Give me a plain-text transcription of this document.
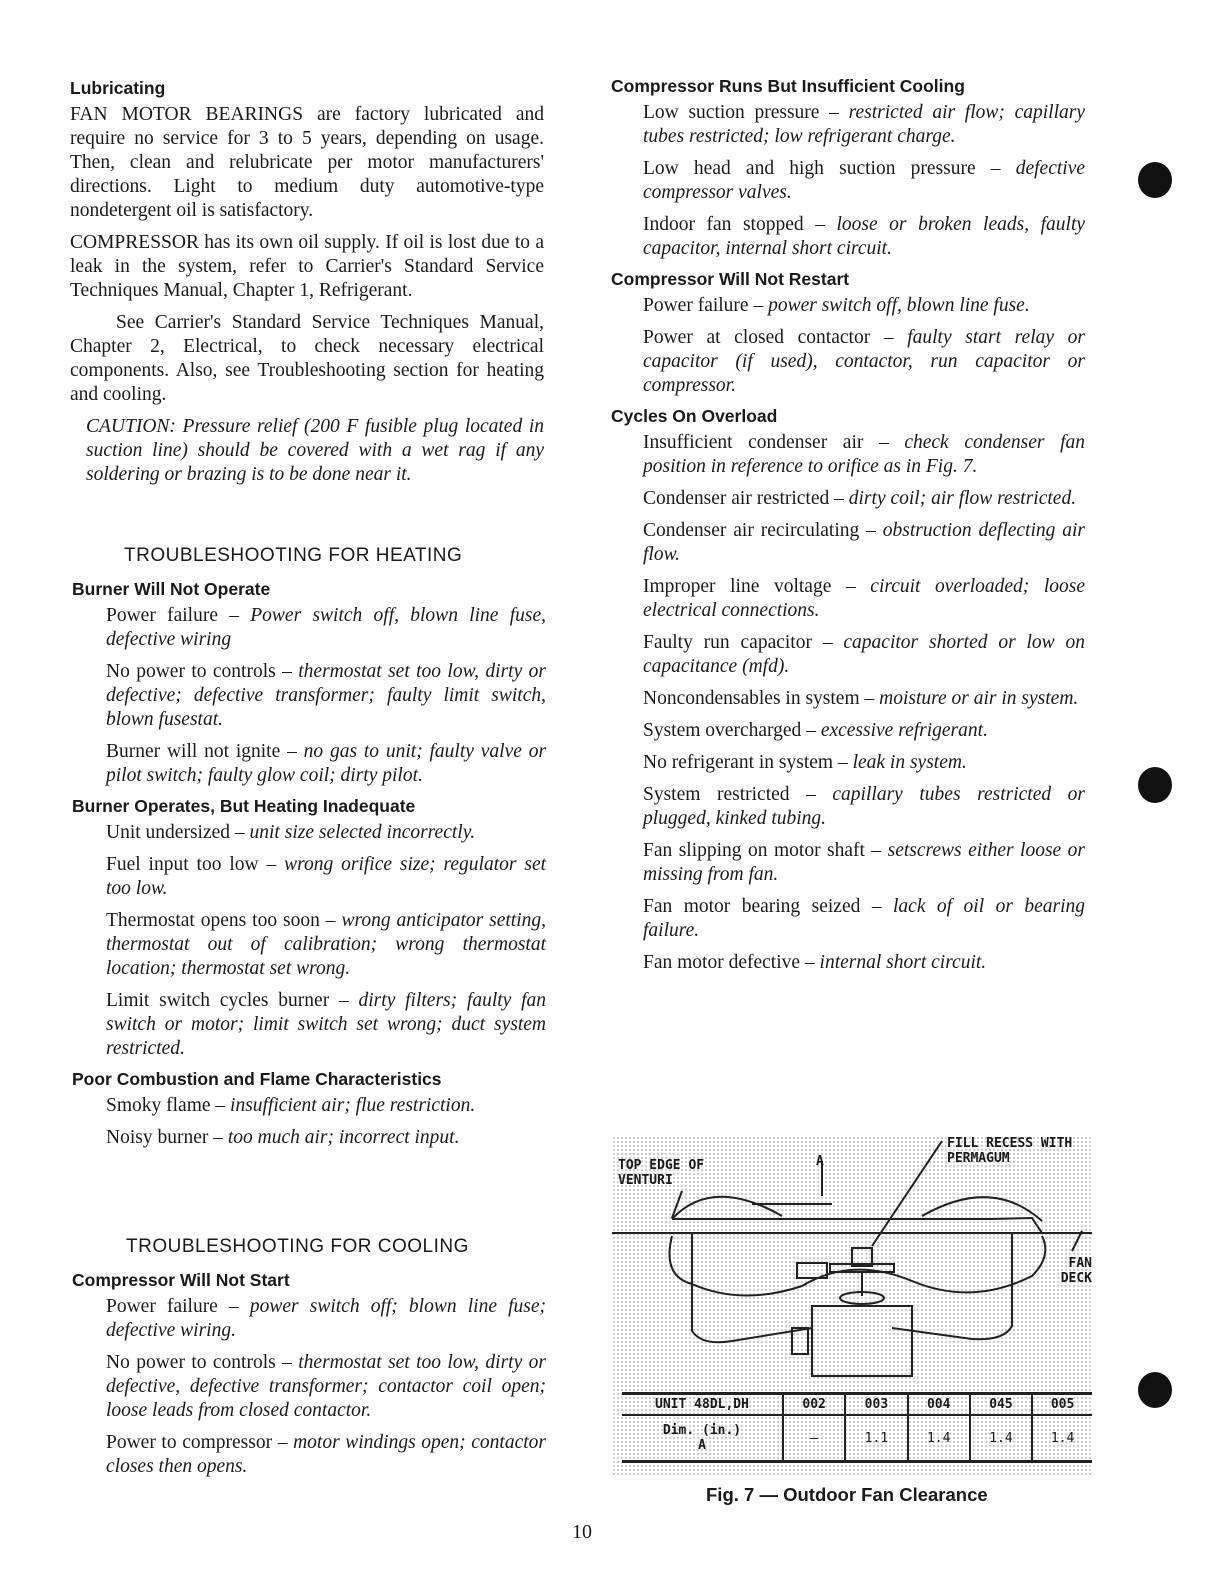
Lubricating

FAN MOTOR BEARINGS are factory lubricated and require no service for 3 to 5 years, depending on usage. Then, clean and relubricate per motor manufacturers' directions. Light to medium duty automotive-type nondetergent oil is satisfactory.

COMPRESSOR has its own oil supply. If oil is lost due to a leak in the system, refer to Carrier's Standard Service Techniques Manual, Chapter 1, Refrigerant.

See Carrier's Standard Service Techniques Manual, Chapter 2, Electrical, to check necessary electrical components. Also, see Troubleshooting section for heating and cooling.

CAUTION: Pressure relief (200 F fusible plug located in suction line) should be covered with a wet rag if any soldering or brazing is to be done near it.

TROUBLESHOOTING FOR HEATING
Burner Will Not Operate

Power failure – Power switch off, blown line fuse, defective wiring

No power to controls – thermostat set too low, dirty or defective; defective transformer; faulty limit switch, blown fusestat.

Burner will not ignite – no gas to unit; faulty valve or pilot switch; faulty glow coil; dirty pilot.

Burner Operates, But Heating Inadequate

Unit undersized – unit size selected incorrectly.

Fuel input too low – wrong orifice size; regulator set too low.

Thermostat opens too soon – wrong anticipator setting, thermostat out of calibration; wrong thermostat location; thermostat set wrong.

Limit switch cycles burner – dirty filters; faulty fan switch or motor; limit switch set wrong; duct system restricted.

Poor Combustion and Flame Characteristics

Smoky flame – insufficient air; flue restriction.

Noisy burner – too much air; incorrect input.

TROUBLESHOOTING FOR COOLING
Compressor Will Not Start

Power failure – power switch off; blown line fuse; defective wiring.

No power to controls – thermostat set too low, dirty or defective, defective transformer; contactor coil open; loose leads from closed contactor.

Power to compressor – motor windings open; contactor closes then opens.

Compressor Runs But Insufficient Cooling

Low suction pressure – restricted air flow; capillary tubes restricted; low refrigerant charge.

Low head and high suction pressure – defective compressor valves.

Indoor fan stopped – loose or broken leads, faulty capacitor, internal short circuit.

Compressor Will Not Restart

Power failure – power switch off, blown line fuse.

Power at closed contactor – faulty start relay or capacitor (if used), contactor, run capacitor or compressor.

Cycles On Overload

Insufficient condenser air – check condenser fan position in reference to orifice as in Fig. 7.

Condenser air restricted – dirty coil; air flow restricted.

Condenser air recirculating – obstruction deflecting air flow.

Improper line voltage – circuit overloaded; loose electrical connections.

Faulty run capacitor – capacitor shorted or low on capacitance (mfd).

Noncondensables in system – moisture or air in system.

System overcharged – excessive refrigerant.

No refrigerant in system – leak in system.

System restricted – capillary tubes restricted or plugged, kinked tubing.

Fan slipping on motor shaft – setscrews either loose or missing from fan.

Fan motor bearing seized – lack of oil or bearing failure.

Fan motor defective – internal short circuit.

TOP EDGE OF VENTURI
A
FILL RECESS WITH PERMAGUM
FAN DECK
UNIT 48DL,DH	002	003	004	045	005
Dim. (in.)
A	–	1.1	1.4	1.4	1.4
Fig. 7 — Outdoor Fan Clearance
10
